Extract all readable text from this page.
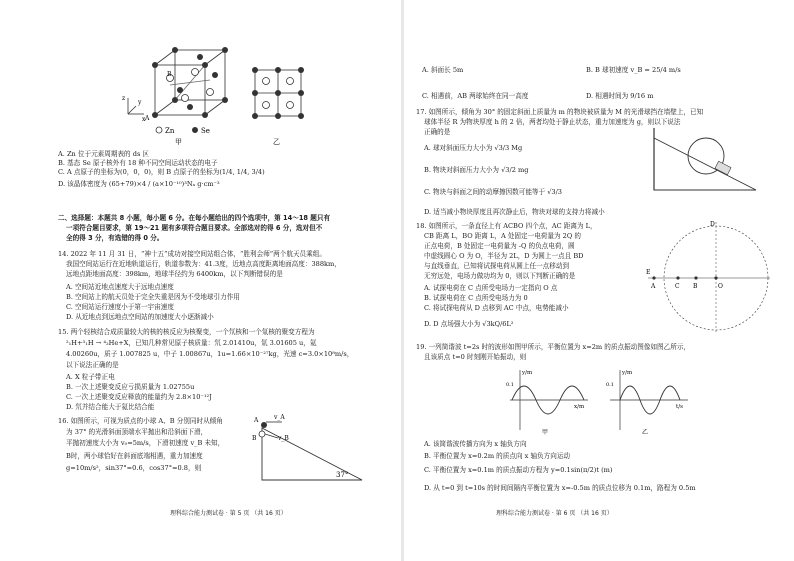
Zn	Se
甲	乙
A
B
z
y
x
A. Zn 位于元素周期表的 ds 区
B. 基态 Se 原子核外有 18 种不同空间运动状态的电子
C. A 点原子的坐标为(0，0，0)，则 B 点原子的坐标为(1/4, 1/4, 3/4)
D. 该晶体密度为 (65+79)×4 / (a×10⁻¹⁰)³Nₐ g·cm⁻³
二、选择题：本题共 8 小题，每小题 6 分。在每小题给出的四个选项中，第 14～18 题只有
一项符合题目要求，第 19～21 题有多项符合题目要求。全部选对的得 6 分，选对但不
全的得 3 分，有选错的得 0 分。
14. 2022 年 11 月 31 日，“神十五”成功对接空间站组合体，“胜利会师”两个航天员乘组。
我国空间站运行在近地轨道运行，轨道参数为：41.3度，近地点高度距离地面高度：388km，
远地点距地面高度：398km，地球半径约为 6400km，以下判断错误的是
A. 空间站近地点速度大于远地点速度
B. 空间站上的航天员处于完全失重是因为不受地球引力作用
C. 空间站运行速度小于第一宇宙速度
D. 从近地点到远地点空间站的加速度大小逐渐减小
15. 两个轻核结合成质量较大的核的核反应为核聚变，一个氘核和一个氚核的聚变方程为
²₁H+³₁H → ⁴₂He+X，已知几种常见原子核质量：氘 2.01410u，氚 3.01605 u，氦
4.00260u，质子 1.007825 u，中子 1.00867u，1u=1.66×10⁻²⁷kg，光速 c=3.0×10⁸m/s，
以下说法正确的是
A. X 粒子带正电
B. 一次上述聚变反应亏损质量为 1.02755u
C. 一次上述聚变反应释放的能量约为 2.8×10⁻¹²J
D. 氘并结合能大于氦比结合能
16. 如图所示，可视为质点的小球 A、B 分别同时从倾角
为 37° 的光滑斜面顶端水平抛出和沿斜面下滑，
平抛初速度大小为 v₀=5m/s，下滑初速度 v_B 未知，
B时，两小球恰好在斜面底端相遇，重力加速度
g=10m/s²，sin37°=0.6，cos37°=0.8，则
v_A
v_B
A
B
37°
理科综合能力测试卷 · 第 5 页 （共 16 页）
A. 斜面长 5m	B. B 球初速度 v_B = 25/4 m/s
C. 相遇前，AB 两球始终在同一高度	D. 相遇时间为 9/16 m
17. 如图所示，倾角为 30° 的固定斜面上质量为 m 的物块被质量为 M 的光滑球挡在墙壁上，已知
球体半径 R 为物块厚度 h 的 2 倍，两者均处于静止状态，重力加速度为 g，则以下说法
正确的是
A. 球对斜面压力大小为 √3/3 Mg
B. 物块对斜面压力大小为 √3/2 mg
C. 物块与斜面之间的动摩擦因数可能等于 √3/3
D. 适当减小物块厚度且再次静止后，物块对球的支持力将减小
18. 如图所示，一条直径上有 ACBO 四个点，AC 距离为 L，
CB 距离 L，BO 距离 L，A 处固定一电荷量为 2Q 的
正点电荷，B 处固定一电荷量为 -Q 的负点电荷，圆
中虚线圆心 O 为 O，半径为 2L，D 为圆上一点且 BD
与直线垂直，已知将试探电荷从圆上任一点移动到
无穷远处，电场力做功均为 0，则以下判断正确的是
A. 试探电荷在 C 点所受电场力一定指向 O 点
B. 试探电荷在 C 点所受电场力为 0
C. 将试探电荷从 D 点移到 AC 中点，电势能减小
D. D 点场强大小为 √3kQ/6L²
A	C B	O
D
E
19. 一列简谐波 t=2s 时的波形如图甲所示，平衡位置为 x=2m 的质点振动图像如图乙所示，
且该质点 t=0 时刻刚开始振动，则
y/m
0.1
x/m
甲
y/m
0.1
t/s
乙
A. 该简谐波传播方向为 x 轴负方向
B. 平衡位置为 x=0.2m 的质点向 x 轴负方向运动
C. 平衡位置为 x=0.1m 的质点振动方程为 y=0.1sin(π/2)t (m)
D. 从 t=0 到 t=10s 的时间间隔内平衡位置为 x=-0.5m 的质点位移为 0.1m，路程为 0.5m
理科综合能力测试卷 · 第 6 页 （共 16 页）
